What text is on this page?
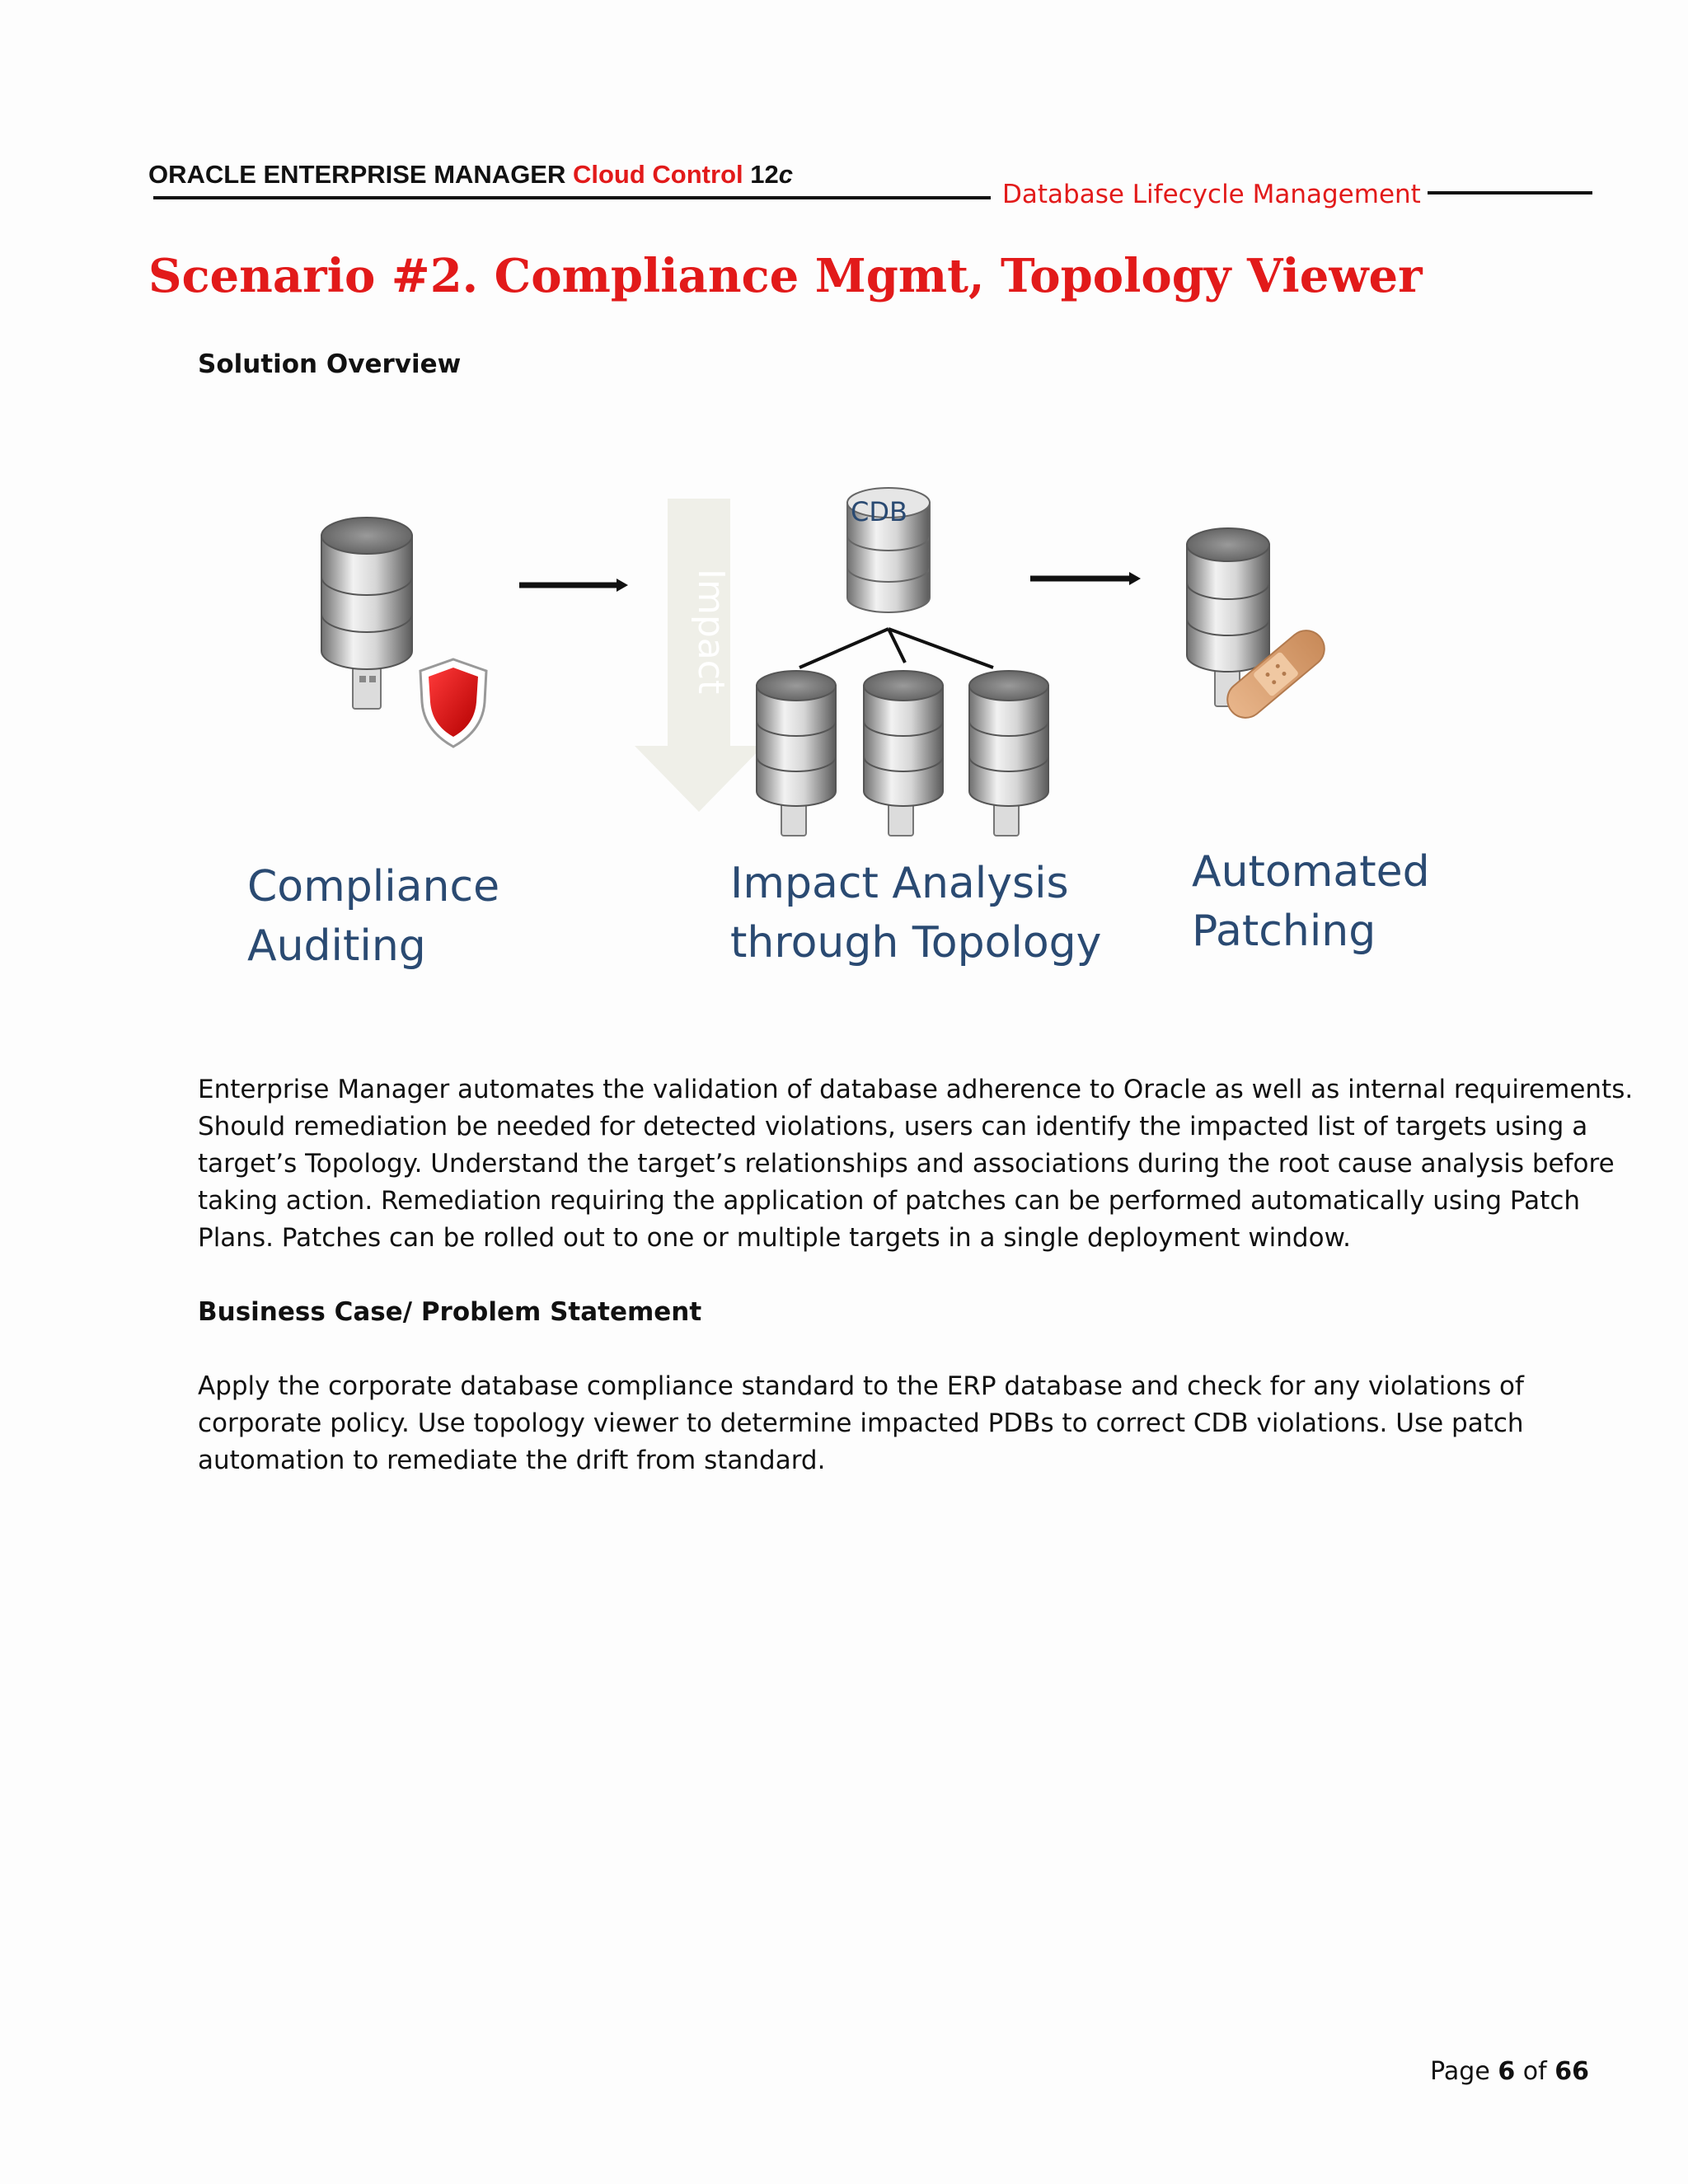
ORACLE ENTERPRISE MANAGER Cloud Control 12c
Database Lifecycle Management
Scenario #2. Compliance Mgmt, Topology Viewer
Solution Overview
Impact
CDB
Compliance
Auditing
Impact Analysis
through Topology
Automated
Patching
Enterprise Manager automates the validation of database adherence to Oracle as well as internal requirements.
Should remediation be needed for detected violations, users can identify the impacted list of targets using a
target’s Topology. Understand the target’s relationships and associations during the root cause analysis before
taking action. Remediation requiring the application of patches can be performed automatically using Patch
Plans. Patches can be rolled out to one or multiple targets in a single deployment window.
Business Case/ Problem Statement
Apply the corporate database compliance standard to the ERP database and check for any violations of
corporate policy. Use topology viewer to determine impacted PDBs to correct CDB violations. Use patch
automation to remediate the drift from standard.
Page 6 of 66
